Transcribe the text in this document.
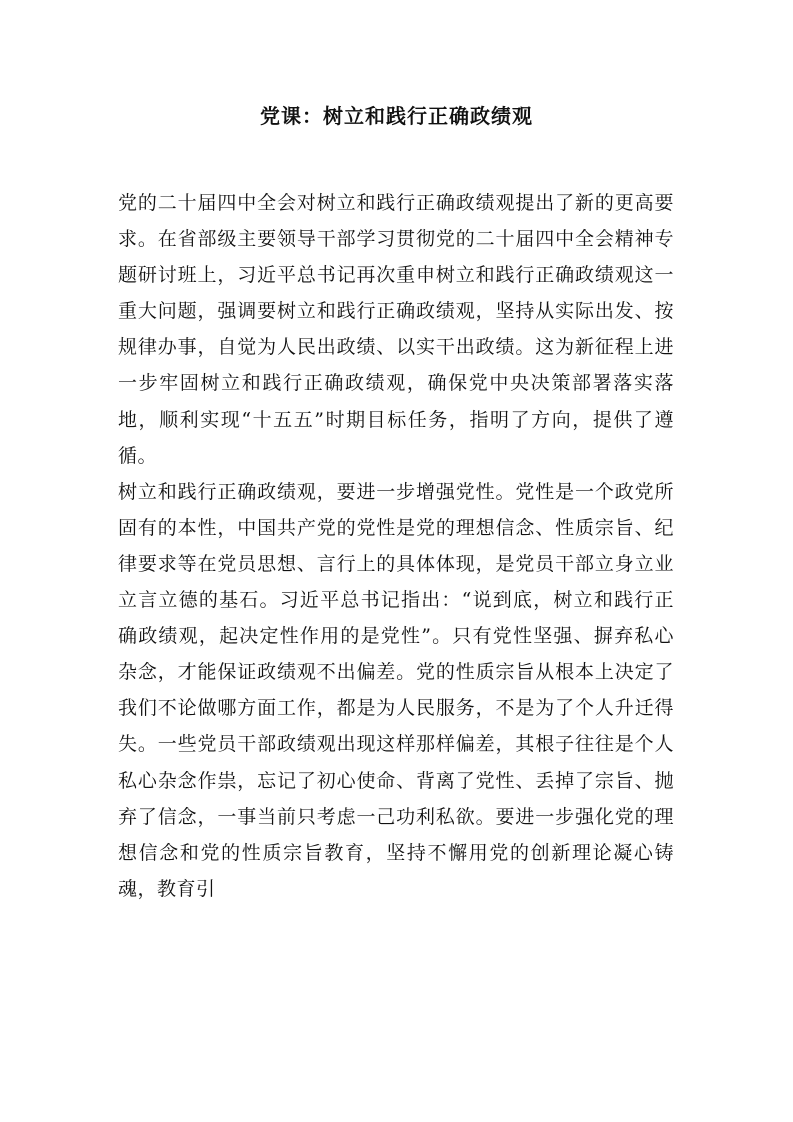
党课：树立和践行正确政绩观

党的二十届四中全会对树立和践行正确政绩观提出了新的更高要求。在省部级主要领导干部学习贯彻党的二十届四中全会精神专题研讨班上，习近平总书记再次重申树立和践行正确政绩观这一重大问题，强调要树立和践行正确政绩观，坚持从实际出发、按规律办事，自觉为人民出政绩、以实干出政绩。这为新征程上进一步牢固树立和践行正确政绩观，确保党中央决策部署落实落地，顺利实现“十五五”时期目标任务，指明了方向，提供了遵循。

树立和践行正确政绩观，要进一步增强党性。党性是一个政党所固有的本性，中国共产党的党性是党的理想信念、性质宗旨、纪律要求等在党员思想、言行上的具体体现，是党员干部立身立业立言立德的基石。习近平总书记指出：“说到底，树立和践行正确政绩观，起决定性作用的是党性”。只有党性坚强、摒弃私心杂念，才能保证政绩观不出偏差。党的性质宗旨从根本上决定了我们不论做哪方面工作，都是为人民服务，不是为了个人升迁得失。一些党员干部政绩观出现这样那样偏差，其根子往往是个人私心杂念作祟，忘记了初心使命、背离了党性、丢掉了宗旨、抛弃了信念，一事当前只考虑一己功利私欲。要进一步强化党的理想信念和党的性质宗旨教育，坚持不懈用党的创新理论凝心铸魂，教育引
